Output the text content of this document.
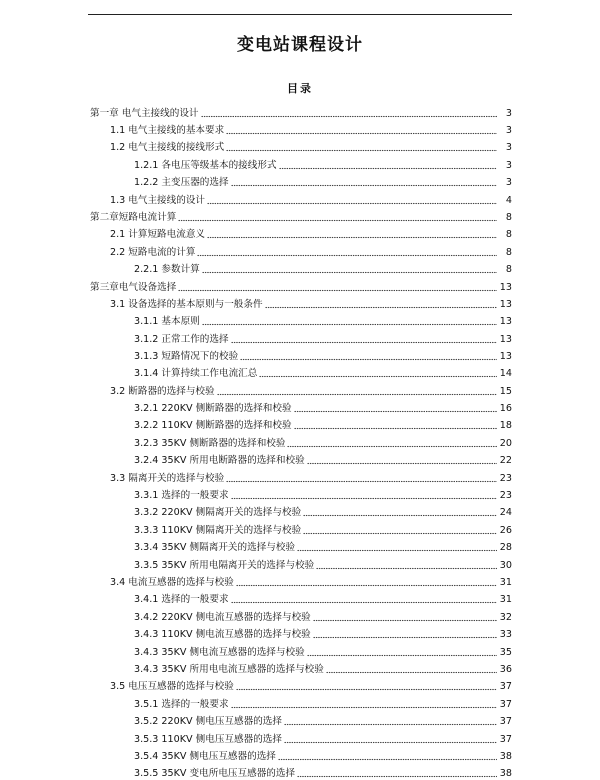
变电站课程设计
目录
第一章 电气主接线的设计	3
1.1 电气主接线的基本要求	3
1.2 电气主接线的接线形式	3
1.2.1 各电压等级基本的接线形式	3
1.2.2 主变压器的选择	3
1.3 电气主接线的设计	4
第二章短路电流计算	8
2.1 计算短路电流意义	8
2.2 短路电流的计算	8
2.2.1 参数计算	8
第三章电气设备选择	13
3.1 设备选择的基本原则与一般条件	13
3.1.1 基本原则	13
3.1.2 正常工作的选择	13
3.1.3 短路情况下的校验	13
3.1.4 计算持续工作电流汇总	14
3.2 断路器的选择与校验	15
3.2.1 220KV 侧断路器的选择和校验	16
3.2.2 110KV 侧断路器的选择和校验	18
3.2.3 35KV 侧断路器的选择和校验	20
3.2.4 35KV 所用电断路器的选择和校验	22
3.3 隔离开关的选择与校验	23
3.3.1 选择的一般要求	23
3.3.2 220KV 侧隔离开关的选择与校验	24
3.3.3 110KV 侧隔离开关的选择与校验	26
3.3.4 35KV 侧隔离开关的选择与校验	28
3.3.5 35KV 所用电隔离开关的选择与校验	30
3.4 电流互感器的选择与校验	31
3.4.1 选择的一般要求	31
3.4.2 220KV 侧电流互感器的选择与校验	32
3.4.3 110KV 侧电流互感器的选择与校验	33
3.4.3 35KV 侧电流互感器的选择与校验	35
3.4.3 35KV 所用电电流互感器的选择与校验	36
3.5 电压互感器的选择与校验	37
3.5.1 选择的一般要求	37
3.5.2 220KV 侧电压互感器的选择	37
3.5.3 110KV 侧电压互感器的选择	37
3.5.4 35KV 侧电压互感器的选择	38
3.5.5 35KV 变电所电压互感器的选择	38
